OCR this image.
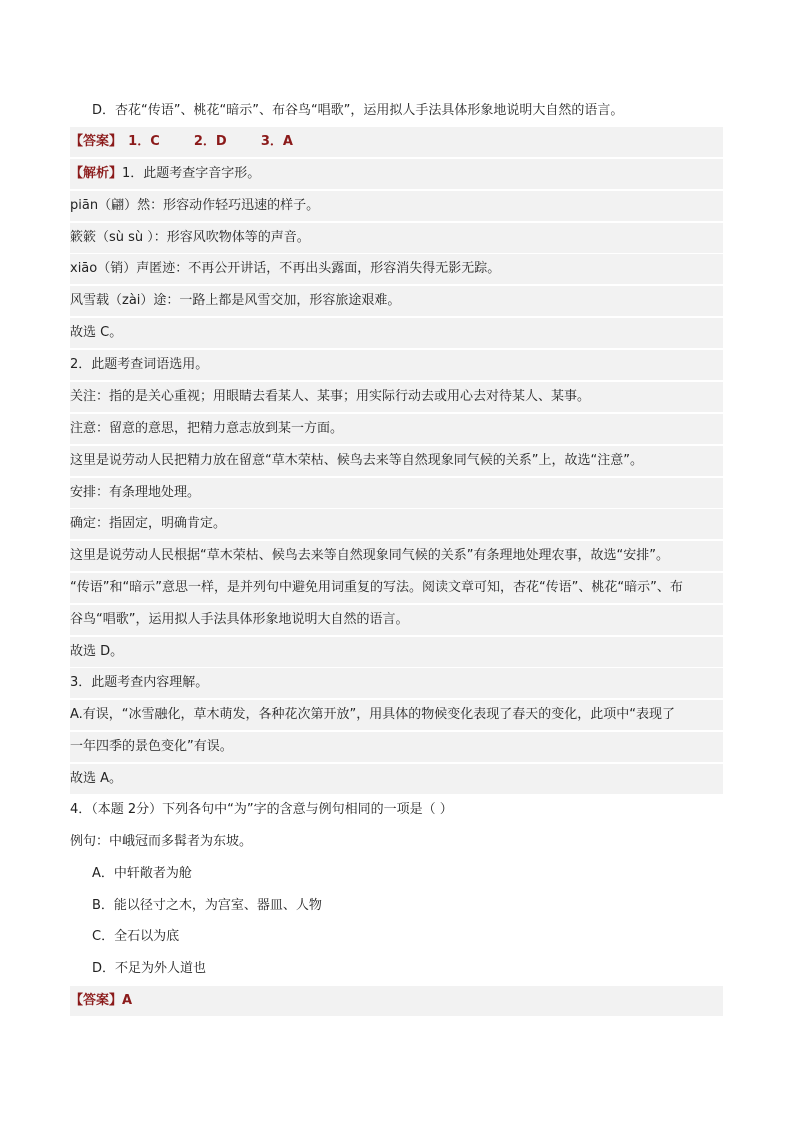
D．杏花“传语”、桃花“暗示”、布谷鸟“唱歌”，运用拟人手法具体形象地说明大自然的语言。
【答案】 1．C	2．D	3．A
【解析】1．此题考查字音字形。
piān（翩）然：形容动作轻巧迅速的样子。
簌簌（sù sù ）：形容风吹物体等的声音。
xiāo（销）声匿迹：不再公开讲话，不再出头露面，形容消失得无影无踪。
风雪载（zài）途：一路上都是风雪交加，形容旅途艰难。
故选 C。
2．此题考查词语选用。
关注：指的是关心重视；用眼睛去看某人、某事；用实际行动去或用心去对待某人、某事。
注意：留意的意思，把精力意志放到某一方面。
这里是说劳动人民把精力放在留意“草木荣枯、候鸟去来等自然现象同气候的关系”上，故选“注意”。
安排：有条理地处理。
确定：指固定，明确肯定。
这里是说劳动人民根据“草木荣枯、候鸟去来等自然现象同气候的关系”有条理地处理农事，故选“安排”。
“传语”和“暗示”意思一样，是并列句中避免用词重复的写法。阅读文章可知，杏花“传语”、桃花“暗示”、布
谷鸟“唱歌”，运用拟人手法具体形象地说明大自然的语言。
故选 D。
3．此题考查内容理解。
A.有误，“冰雪融化，草木萌发，各种花次第开放”，用具体的物候变化表现了春天的变化，此项中“表现了
一年四季的景色变化”有误。
故选 A。
4．（本题 2分）下列各句中“为”字的含意与例句相同的一项是（ ）
例句：中峨冠而多髯者为东坡。
A．中轩敞者为舱
B．能以径寸之木，为宫室、器皿、人物
C．全石以为底
D．不足为外人道也
【答案】A
